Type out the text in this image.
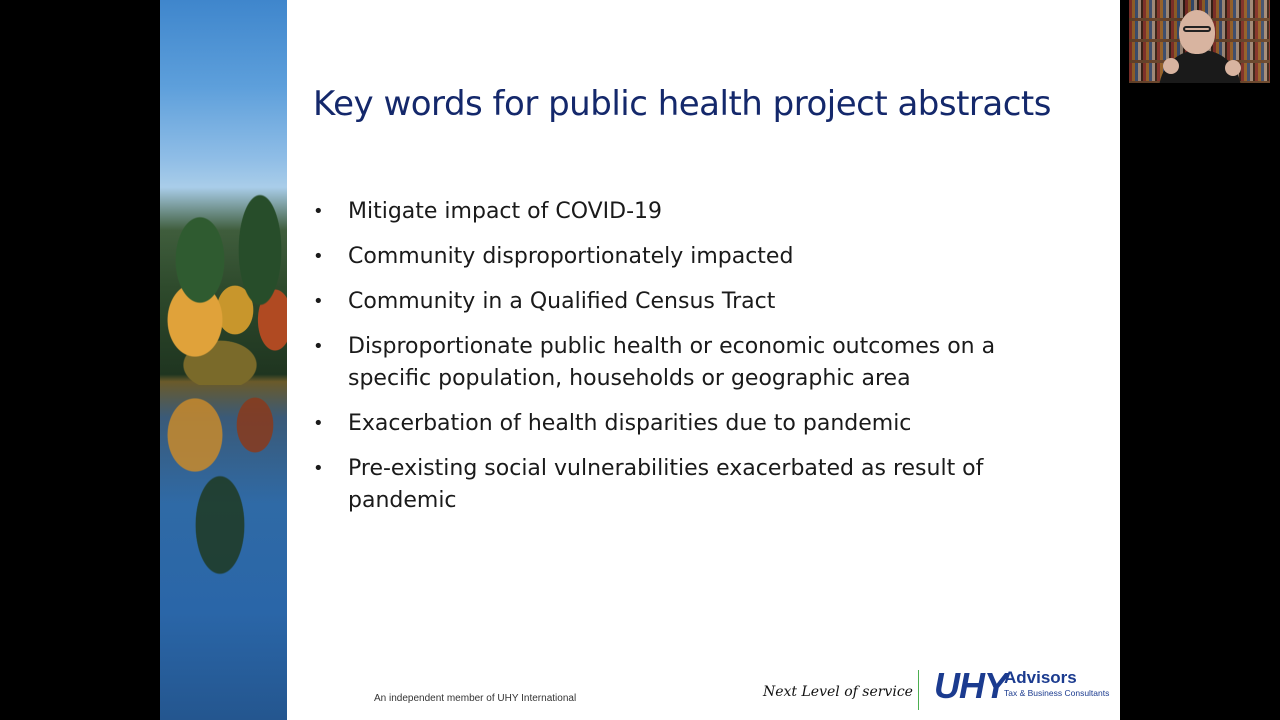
Key words for public health project abstracts
• Mitigate impact of COVID-19
• Community disproportionately impacted
• Community in a Qualified Census Tract
• Disproportionate public health or economic outcomes on a specific population, households or geographic area
• Exacerbation of health disparities due to pandemic
• Pre-existing social vulnerabilities exacerbated as result of pandemic
An independent member of UHY International	Next Level of service UHY
Advisors
Tax & Business Consultants
